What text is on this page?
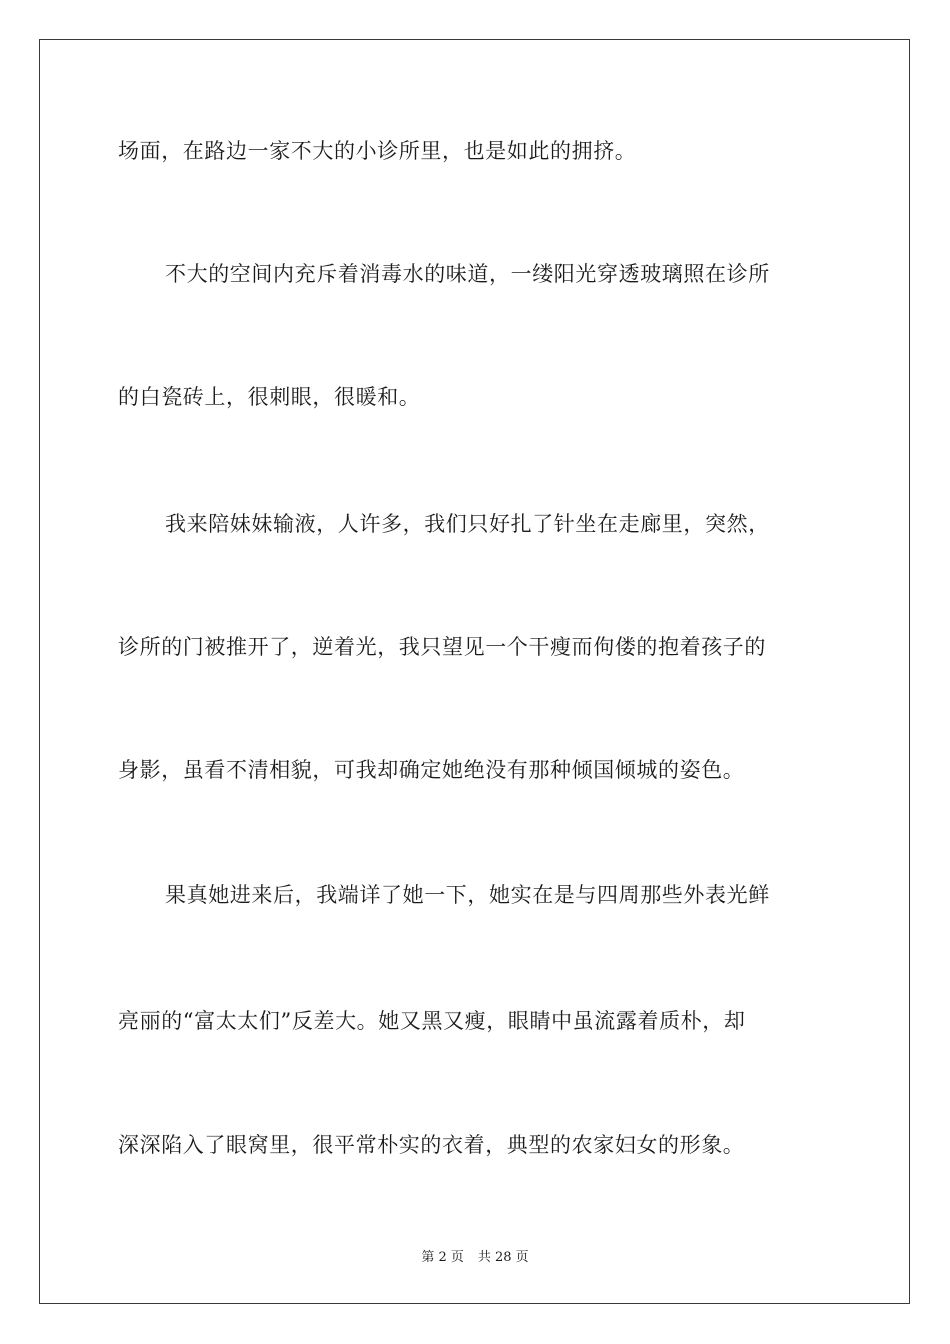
场面，在路边一家不大的小诊所里，也是如此的拥挤。
不大的空间内充斥着消毒水的味道，一缕阳光穿透玻璃照在诊所
的白瓷砖上，很刺眼，很暖和。
我来陪妹妹输液，人许多，我们只好扎了针坐在走廊里，突然，
诊所的门被推开了，逆着光，我只望见一个干瘦而佝偻的抱着孩子的
身影，虽看不清相貌，可我却确定她绝没有那种倾国倾城的姿色。
果真她进来后，我端详了她一下，她实在是与四周那些外表光鲜
亮丽的“富太太们”反差大。她又黑又瘦，眼睛中虽流露着质朴，却
深深陷入了眼窝里，很平常朴实的衣着，典型的农家妇女的形象。
第 2 页 共 28 页
